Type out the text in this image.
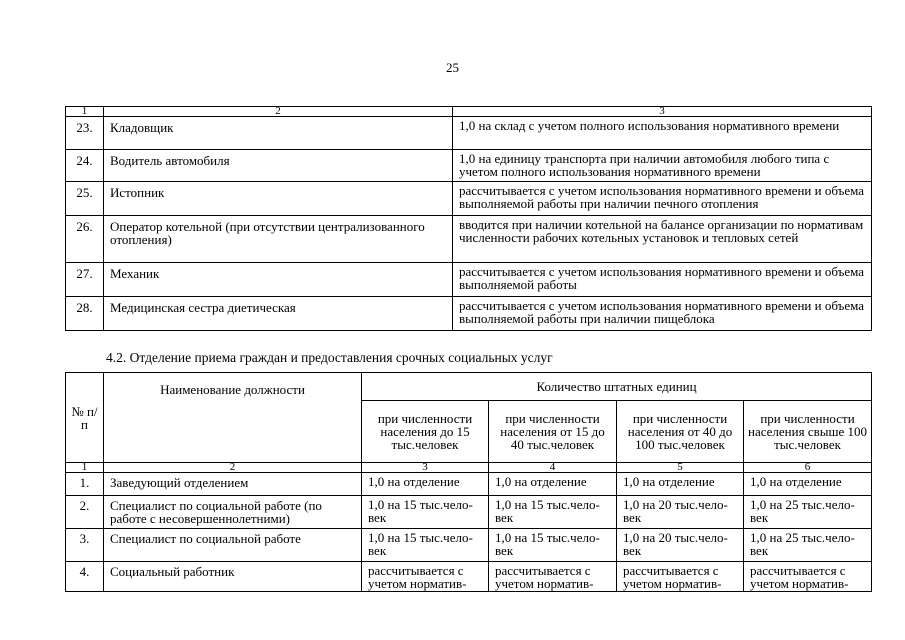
25
1	2	3
23.	Кладовщик	1,0 на склад с учетом полного использования нормативного времени
24.	Водитель автомобиля	1,0 на единицу транспорта при наличии автомобиля любого типа с учетом полного использования нормативного времени
25.	Истопник	рассчитывается с учетом использования нормативного времени и объема выполняемой работы при наличии печного отопления
26.	Оператор котельной (при отсутствии централизованного отопления)	вводится при наличии котельной на балансе организации по нормативам численности рабочих котельных установок и тепловых сетей
27.	Механик	рассчитывается с учетом использования нормативного времени и объема выполняемой работы
28.	Медицинская сестра диетическая	рассчитывается с учетом использования нормативного времени и объема выполняемой работы при наличии пищеблока
4.2. Отделение приема граждан и предоставления срочных социальных услуг
№ п/п	Наименование должности	Количество штатных единиц			
		при численности населения до 15 тыс.человек	при численности населения от 15 до 40 тыс.человек	при численности населения от 40 до 100 тыс.человек	при численности населения свыше 100 тыс.человек
1	2	3	4	5	6
1.	Заведующий отделением	1,0 на отделение	1,0 на отделение	1,0 на отделение	1,0 на отделение
2.	Специалист по социальной работе (по работе с несовершеннолетними)	1,0 на 15 тыс.чело-век	1,0 на 15 тыс.чело-век	1,0 на 20 тыс.чело-век	1,0 на 25 тыс.чело-век
3.	Специалист по социальной работе	1,0 на 15 тыс.чело-век	1,0 на 15 тыс.чело-век	1,0 на 20 тыс.чело-век	1,0 на 25 тыс.чело-век
4.	Социальный работник	рассчитывается с учетом норматив-	рассчитывается с учетом норматив-	рассчитывается с учетом норматив-	рассчитывается с учетом норматив-
